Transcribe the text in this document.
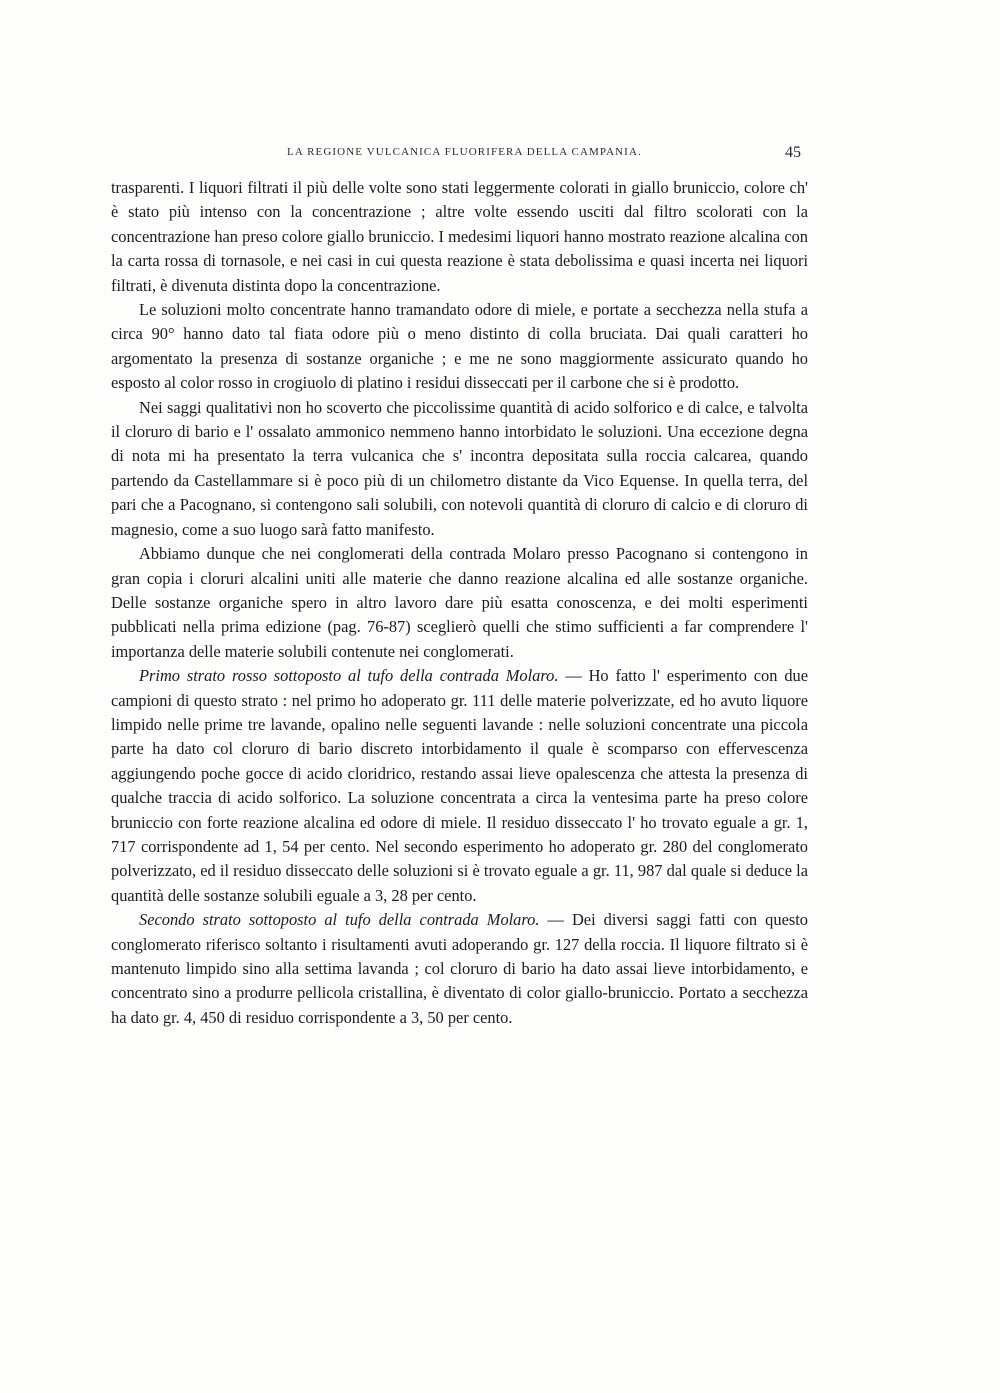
LA REGIONE VULCANICA FLUORIFERA DELLA CAMPANIA.	45

trasparenti. I liquori filtrati il più delle volte sono stati leggermente colorati in giallo bruniccio, colore ch' è stato più intenso con la concentrazione ; altre volte essendo usciti dal filtro scolorati con la concentrazione han preso colore giallo bruniccio. I medesimi liquori hanno mostrato reazione alcalina con la carta rossa di tornasole, e nei casi in cui questa reazione è stata debolissima e quasi incerta nei liquori filtrati, è divenuta distinta dopo la concentrazione.

Le soluzioni molto concentrate hanno tramandato odore di miele, e portate a secchezza nella stufa a circa 90° hanno dato tal fiata odore più o meno distinto di colla bruciata. Dai quali caratteri ho argomentato la presenza di sostanze organiche ; e me ne sono maggiormente assicurato quando ho esposto al color rosso in crogiuolo di platino i residui disseccati per il carbone che si è prodotto.

Nei saggi qualitativi non ho scoverto che piccolissime quantità di acido solforico e di calce, e talvolta il cloruro di bario e l' ossalato ammonico nemmeno hanno intorbidato le soluzioni. Una eccezione degna di nota mi ha presentato la terra vulcanica che s' incontra depositata sulla roccia calcarea, quando partendo da Castellammare si è poco più di un chilometro distante da Vico Equense. In quella terra, del pari che a Pacognano, si contengono sali solubili, con notevoli quantità di cloruro di calcio e di cloruro di magnesio, come a suo luogo sarà fatto manifesto.

Abbiamo dunque che nei conglomerati della contrada Molaro presso Pacognano si contengono in gran copia i cloruri alcalini uniti alle materie che danno reazione alcalina ed alle sostanze organiche. Delle sostanze organiche spero in altro lavoro dare più esatta conoscenza, e dei molti esperimenti pubblicati nella prima edizione (pag. 76-87) sceglierò quelli che stimo sufficienti a far comprendere l' importanza delle materie solubili contenute nei conglomerati.

Primo strato rosso sottoposto al tufo della contrada Molaro. — Ho fatto l' esperimento con due campioni di questo strato : nel primo ho adoperato gr. 111 delle materie polverizzate, ed ho avuto liquore limpido nelle prime tre lavande, opalino nelle seguenti lavande : nelle soluzioni concentrate una piccola parte ha dato col cloruro di bario discreto intorbidamento il quale è scomparso con effervescenza aggiungendo poche gocce di acido cloridrico, restando assai lieve opalescenza che attesta la presenza di qualche traccia di acido solforico. La soluzione concentrata a circa la ventesima parte ha preso colore bruniccio con forte reazione alcalina ed odore di miele. Il residuo disseccato l' ho trovato eguale a gr. 1, 717 corrispondente ad 1, 54 per cento. Nel secondo esperimento ho adoperato gr. 280 del conglomerato polverizzato, ed il residuo disseccato delle soluzioni si è trovato eguale a gr. 11, 987 dal quale si deduce la quantità delle sostanze solubili eguale a 3, 28 per cento.

Secondo strato sottoposto al tufo della contrada Molaro. — Dei diversi saggi fatti con questo conglomerato riferisco soltanto i risultamenti avuti adoperando gr. 127 della roccia. Il liquore filtrato si è mantenuto limpido sino alla settima lavanda ; col cloruro di bario ha dato assai lieve intorbidamento, e concentrato sino a produrre pellicola cristallina, è diventato di color giallo-bruniccio. Portato a secchezza ha dato gr. 4, 450 di residuo corrispondente a 3, 50 per cento.
